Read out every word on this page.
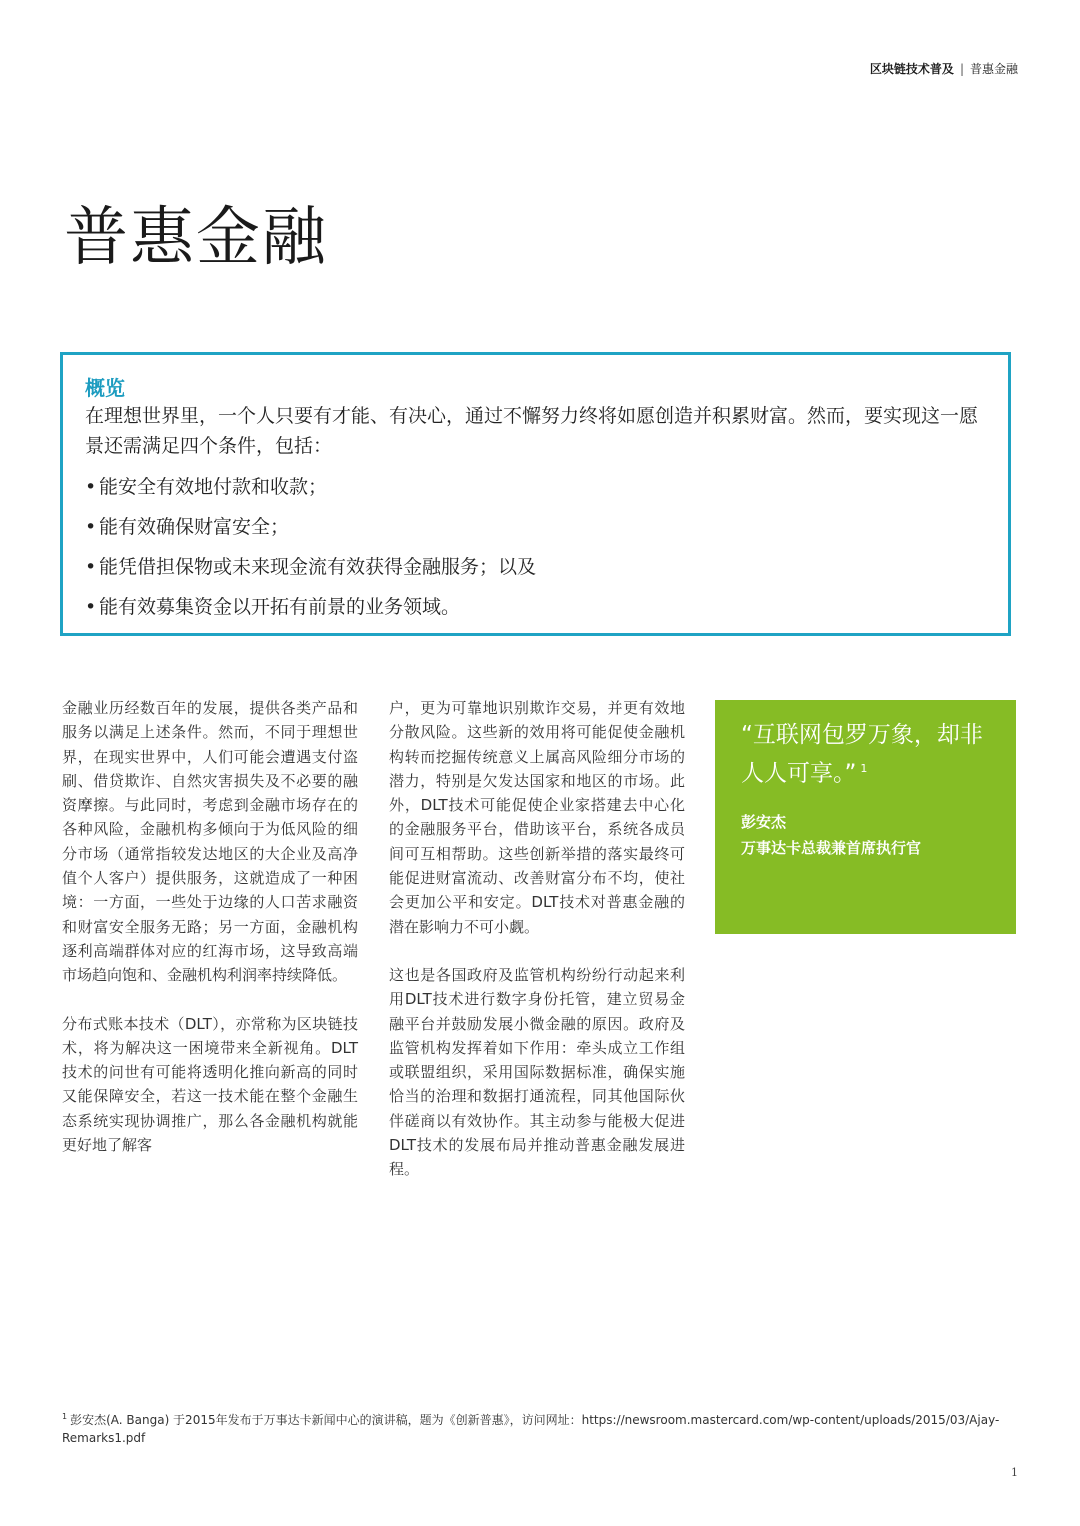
区块链技术普及 | 普惠金融
普惠金融

概览

在理想世界里，一个人只要有才能、有决心，通过不懈努力终将如愿创造并积累财富。然而，要实现这一愿景还需满足四个条件，包括：

• 能安全有效地付款和收款；
• 能有效确保财富安全；
• 能凭借担保物或未来现金流有效获得金融服务；以及
• 能有效募集资金以开拓有前景的业务领域。

金融业历经数百年的发展，提供各类产品和服务以满足上述条件。然而，不同于理想世界，在现实世界中，人们可能会遭遇支付盗刷、借贷欺诈、自然灾害损失及不必要的融资摩擦。与此同时，考虑到金融市场存在的各种风险，金融机构多倾向于为低风险的细分市场（通常指较发达地区的大企业及高净值个人客户）提供服务，这就造成了一种困境：一方面，一些处于边缘的人口苦求融资和财富安全服务无路；另一方面，金融机构逐利高端群体对应的红海市场，这导致高端市场趋向饱和、金融机构利润率持续降低。

分布式账本技术（DLT），亦常称为区块链技术，将为解决这一困境带来全新视角。DLT技术的问世有可能将透明化推向新高的同时又能保障安全，若这一技术能在整个金融生态系统实现协调推广，那么各金融机构就能更好地了解客

户，更为可靠地识别欺诈交易，并更有效地分散风险。这些新的效用将可能促使金融机构转而挖掘传统意义上属高风险细分市场的潜力，特别是欠发达国家和地区的市场。此外，DLT技术可能促使企业家搭建去中心化的金融服务平台，借助该平台，系统各成员间可互相帮助。这些创新举措的落实最终可能促进财富流动、改善财富分布不均，使社会更加公平和安定。DLT技术对普惠金融的潜在影响力不可小觑。

这也是各国政府及监管机构纷纷行动起来利用DLT技术进行数字身份托管，建立贸易金融平台并鼓励发展小微金融的原因。政府及监管机构发挥着如下作用：牵头成立工作组或联盟组织，采用国际数据标准，确保实施恰当的治理和数据打通流程，同其他国际伙伴磋商以有效协作。其主动参与能极大促进DLT技术的发展布局并推动普惠金融发展进程。

“互联网包罗万象，却非人人可享。” $^1$

彭安杰

万事达卡总裁兼首席执行官

$^1$ 彭安杰(A. Banga) 于2015年发布于万事达卡新闻中心的演讲稿，题为《创新普惠》，访问网址：https://newsroom.mastercard.com/wp-content/uploads/2015/03/Ajay-Remarks1.pdf
1
